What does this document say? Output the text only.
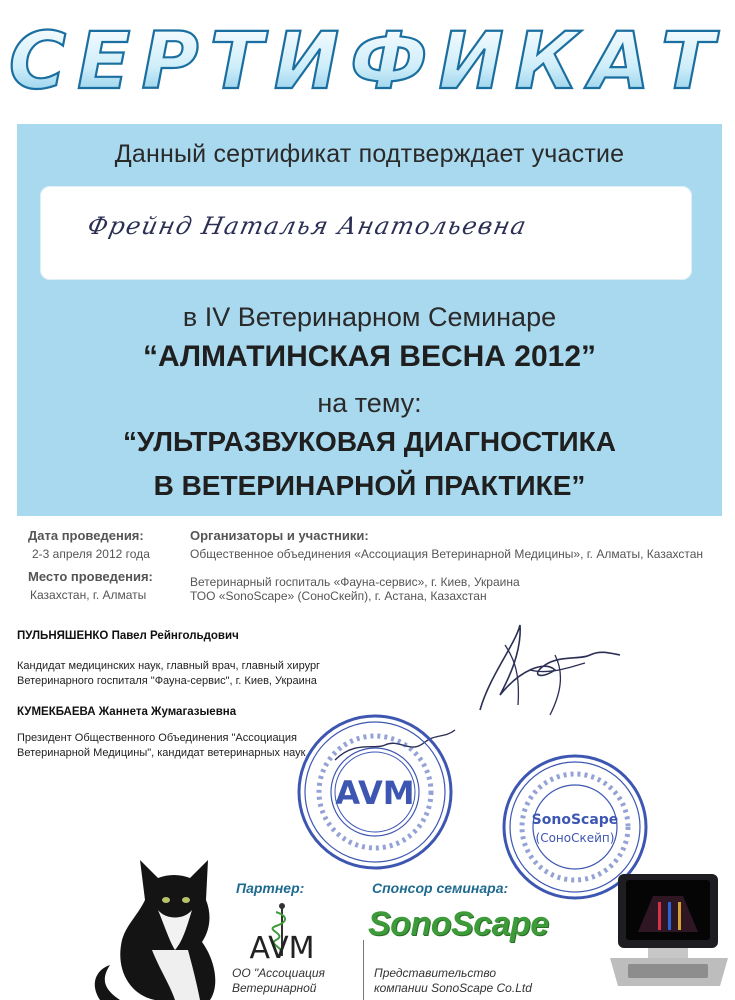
СЕРТИФИКАТ
Данный сертификат подтверждает участие
Фрейнд Наталья Анатольевна
в IV Ветеринарном Семинаре
“АЛМАТИНСКАЯ ВЕСНА 2012”
на тему:
“УЛЬТРАЗВУКОВАЯ ДИАГНОСТИКА
В ВЕТЕРИНАРНОЙ ПРАКТИКЕ”
Дата проведения:
2-3 апреля 2012 года
Место проведения:
Казахстан, г. Алматы
Организаторы и участники:
Общественное объединения «Ассоциация Ветеринарной Медицины», г. Алматы, Казахстан
Ветеринарный госпиталь «Фауна-сервис», г. Киев, Украина
ТОО «SonoScape» (СоноСкейп), г. Астана, Казахстан
ПУЛЬНЯШЕНКО Павел Рейнгольдович
Кандидат медицинских наук, главный врач, главный хирург
Ветеринарного госпиталя "Фауна-сервис", г. Киев, Украина
КУМЕКБАЕВА Жаннета Жумагазыевна
Президент Общественного Объединения "Ассоциация
Ветеринарной Медицины", кандидат ветеринарных наук
AVM
SonoScape
(СоноСкейп)
Партнер:	Спонсор семинара:
AVM
ОО "Ассоциация
Ветеринарной
SonoScape
Представительство
компании SonoScape Co.Ltd
